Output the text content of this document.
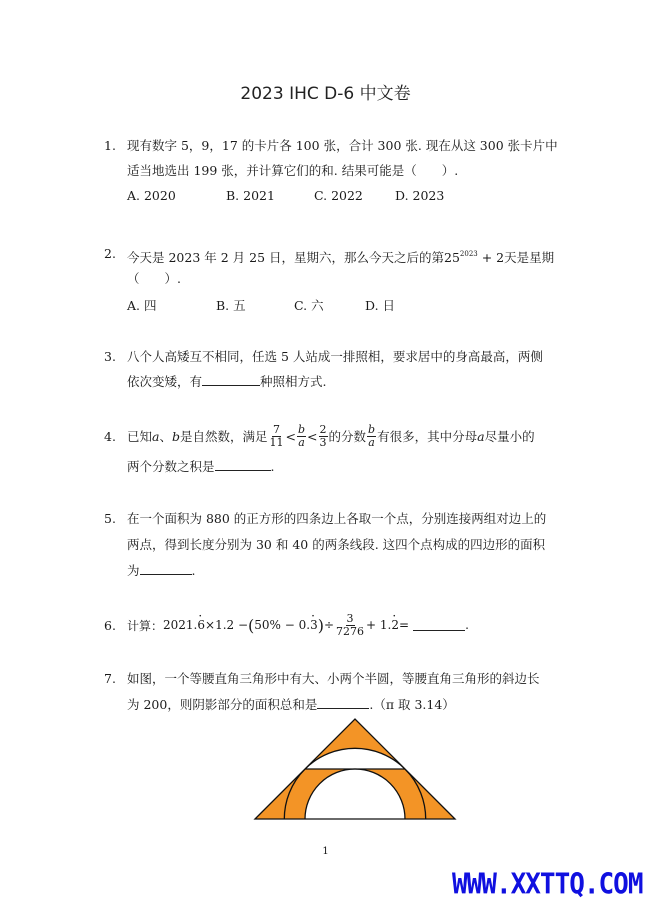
2023 IHC D-6 中文卷
1. 现有数字 5，9，17 的卡片各 100 张，合计 300 张. 现在从这 300 张卡片中
适当地选出 199 张，并计算它们的和. 结果可能是（　　）.
A. 2020	B. 2021	C. 2022	D. 2023
2. 今天是 2023 年 2 月 25 日，星期六，那么今天之后的第$25^{2023} + 2$天是星期
（　　）.
A. 四	B. 五	C. 六	D. 日
3. 八个人高矮互不相同，任选 5 人站成一排照相，要求居中的身高最高，两侧
依次变矮，有	种照相方式.
4. 已知 a 、 b 是自然数，满足 $\frac{7}{11} < \frac{b}{a} < \frac{2}{3}$ 的分数 $\frac{b}{a}$ 有很多，其中分母 a 尽量小的
两个分数之积是	.
5. 在一个面积为 880 的正方形的四条边上各取一个点，分别连接两组对边上的
两点，得到长度分别为 30 和 40 的两条线段. 这四个点构成的四边形的面积
为	.
6. 计算： 2021.· 6 ×1.2 − ( 50% − 0.· 3 ) ÷ $\frac{3}{7276} + 1.\cdot 2$ =	.
7. 如图，一个等腰直角三角形中有大、小两个半圆，等腰直角三角形的斜边长
为 200，则阴影部分的面积总和是	.（π 取 3.14）
1
WWW.XXTTQ.COM
